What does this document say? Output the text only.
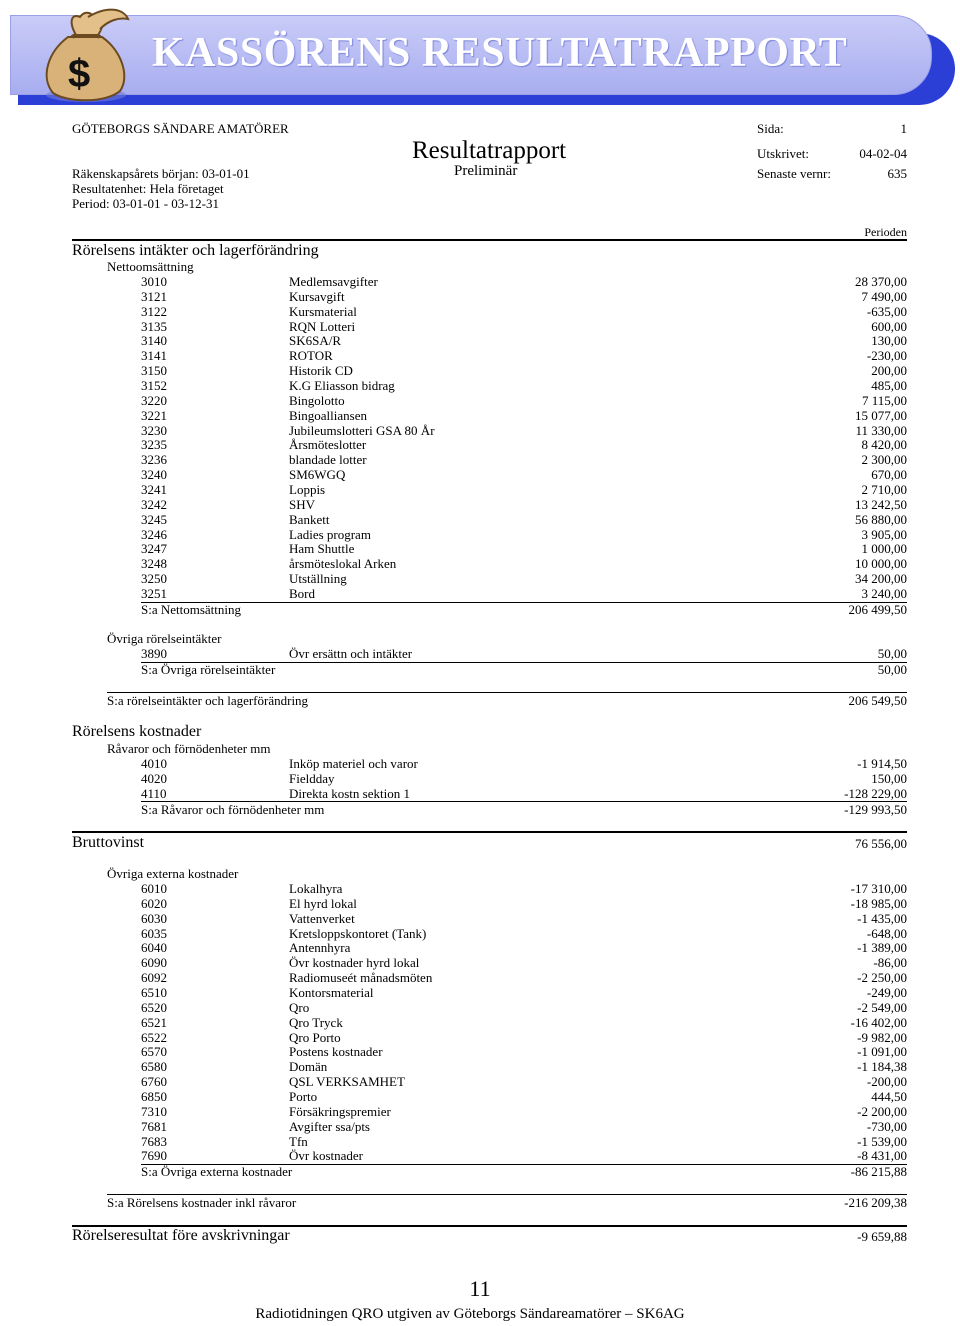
$ KASSÖRENS RESULTATRAPPORT
GÖTEBORGS SÄNDARE AMATÖRER
Resultatrapport
Preliminär
Räkenskapsårets början: 03-01-01
Resultatenhet: Hela företaget
Period: 03-01-01 - 03-12-31
Sida:	1
Utskrivet:	04-02-04
Senaste vernr:	635
Perioden
Rörelsens intäkter och lagerförändring
Nettoomsättning
3010	Medlemsavgifter	28 370,00
3121	Kursavgift	7 490,00
3122	Kursmaterial	-635,00
3135	RQN Lotteri	600,00
3140	SK6SA/R	130,00
3141	ROTOR	-230,00
3150	Historik CD	200,00
3152	K.G Eliasson bidrag	485,00
3220	Bingolotto	7 115,00
3221	Bingoalliansen	15 077,00
3230	Jubileumslotteri GSA 80 År	11 330,00
3235	Årsmöteslotter	8 420,00
3236	blandade lotter	2 300,00
3240	SM6WGQ	670,00
3241	Loppis	2 710,00
3242	SHV	13 242,50
3245	Bankett	56 880,00
3246	Ladies program	3 905,00
3247	Ham Shuttle	1 000,00
3248	årsmöteslokal Arken	10 000,00
3250	Utställning	34 200,00
3251	Bord	3 240,00
S:a Nettomsättning	206 499,50
Övriga rörelseintäkter
3890	Övr ersättn och intäkter	50,00
S:a Övriga rörelseintäkter	50,00
S:a rörelseintäkter och lagerförändring	206 549,50
Rörelsens kostnader
Råvaror och förnödenheter mm
4010	Inköp materiel och varor	-1 914,50
4020	Fieldday	150,00
4110	Direkta kostn sektion 1	-128 229,00
S:a Råvaror och förnödenheter mm	-129 993,50
Bruttovinst	76 556,00
Övriga externa kostnader
6010	Lokalhyra	-17 310,00
6020	El hyrd lokal	-18 985,00
6030	Vattenverket	-1 435,00
6035	Kretsloppskontoret (Tank)	-648,00
6040	Antennhyra	-1 389,00
6090	Övr kostnader hyrd lokal	-86,00
6092	Radiomuseét månadsmöten	-2 250,00
6510	Kontorsmaterial	-249,00
6520	Qro	-2 549,00
6521	Qro Tryck	-16 402,00
6522	Qro Porto	-9 982,00
6570	Postens kostnader	-1 091,00
6580	Domän	-1 184,38
6760	QSL VERKSAMHET	-200,00
6850	Porto	444,50
7310	Försäkringspremier	-2 200,00
7681	Avgifter ssa/pts	-730,00
7683	Tfn	-1 539,00
7690	Övr kostnader	-8 431,00
S:a Övriga externa kostnader	-86 215,88
S:a Rörelsens kostnader inkl råvaror	-216 209,38
Rörelseresultat före avskrivningar	-9 659,88
11
Radiotidningen QRO utgiven av Göteborgs Sändareamatörer – SK6AG
